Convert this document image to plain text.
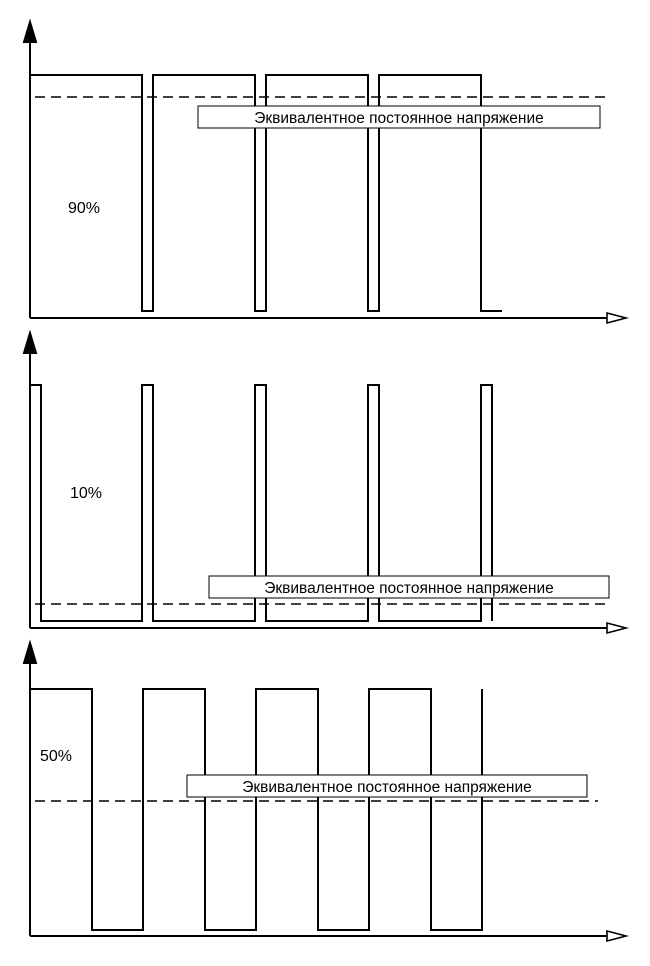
Эквивалентное постоянное напряжение
90%
Эквивалентное постоянное напряжение
10%
Эквивалентное постоянное напряжение
50%
